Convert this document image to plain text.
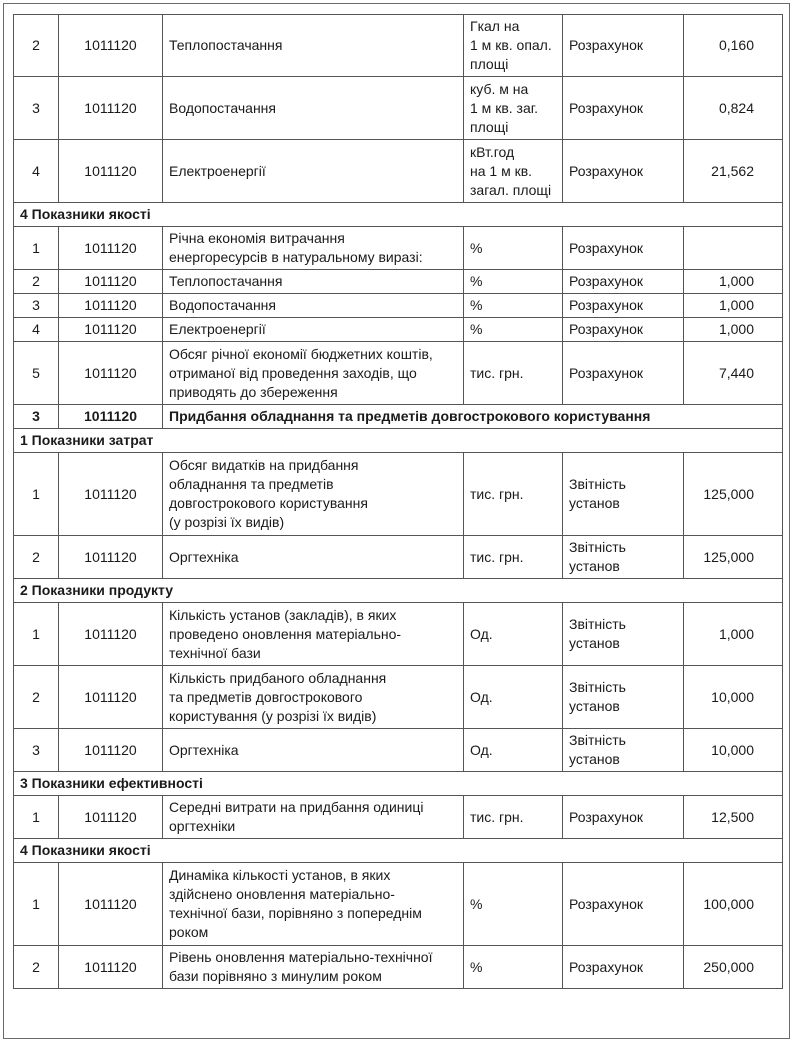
2	1011120	Теплопостачання	Гкал на
1 м кв. опал.
площі	Розрахунок	0,160
3	1011120	Водопостачання	куб. м на
1 м кв. заг.
площі	Розрахунок	0,824
4	1011120	Електроенергії	кВт.год
на 1 м кв.
загал. площі	Розрахунок	21,562
4 Показники якості					
1	1011120	Річна економія витрачання
енергоресурсів в натуральному виразі:	%	Розрахунок	
2	1011120	Теплопостачання	%	Розрахунок	1,000
3	1011120	Водопостачання	%	Розрахунок	1,000
4	1011120	Електроенергії	%	Розрахунок	1,000
5	1011120	Обсяг річної економії бюджетних коштів,
отриманої від проведення заходів, що
приводять до збереження	тис. грн.	Розрахунок	7,440
3	1011120	Придбання обладнання та предметів довгострокового користування			
1 Показники затрат					
1	1011120	Обсяг видатків на придбання
обладнання та предметів
довгострокового користування
(у розрізі їх видів)	тис. грн.	Звітність
установ	125,000
2	1011120	Оргтехніка	тис. грн.	Звітність
установ	125,000
2 Показники продукту					
1	1011120	Кількість установ (закладів), в яких
проведено оновлення матеріально-
технічної бази	Од.	Звітність
установ	1,000
2	1011120	Кількість придбаного обладнання
та предметів довгострокового
користування (у розрізі їх видів)	Од.	Звітність
установ	10,000
3	1011120	Оргтехніка	Од.	Звітність
установ	10,000
3 Показники ефективності					
1	1011120	Середні витрати на придбання одиниці
оргтехніки	тис. грн.	Розрахунок	12,500
4 Показники якості					
1	1011120	Динаміка кількості установ, в яких
здійснено оновлення матеріально-
технічної бази, порівняно з попереднім
роком	%	Розрахунок	100,000
2	1011120	Рівень оновлення матеріально-технічної
бази порівняно з минулим роком	%	Розрахунок	250,000
